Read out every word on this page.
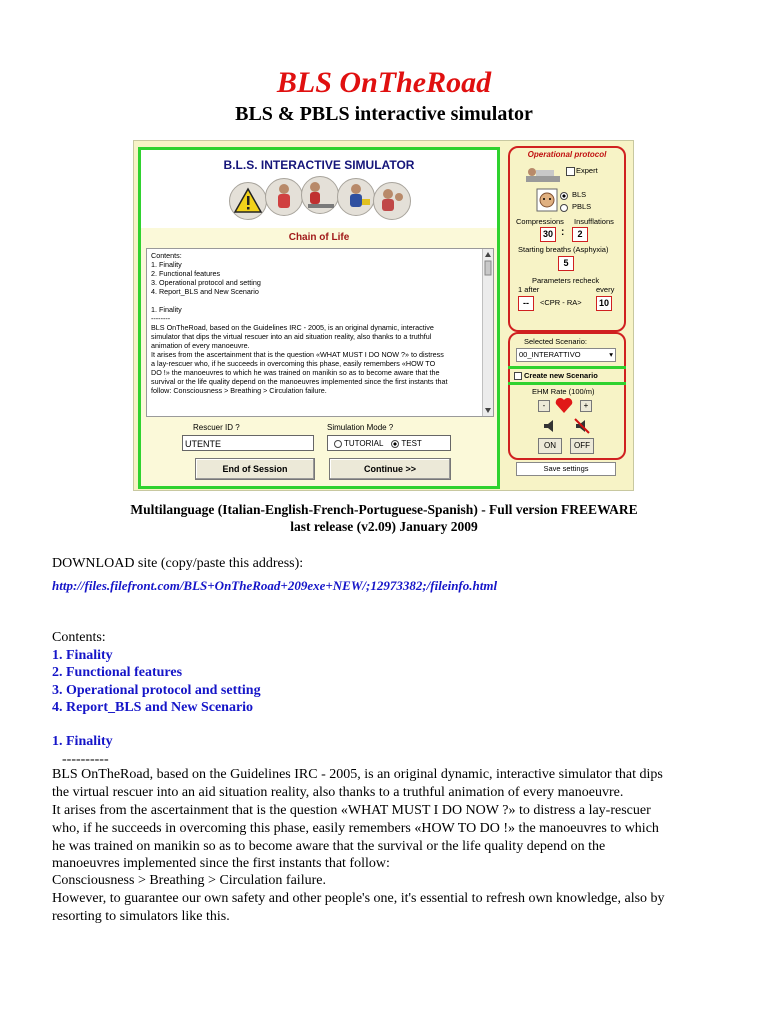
BLS OnTheRoad
BLS & PBLS interactive simulator
B.L.S. INTERACTIVE SIMULATOR
Chain of Life
Contents:
1. Finality
2. Functional features
3. Operational protocol and setting
4. Report_BLS and New Scenario

1. Finality
--------
BLS OnTheRoad, based on the Guidelines IRC - 2005, is an original dynamic, interactive
simulator that dips the virtual rescuer into an aid situation reality, also thanks to a truthful
animation of every manoeuvre.
It arises from the ascertainment that is the question «WHAT MUST I DO NOW ?» to distress
a lay-rescuer who, if he succeeds in overcoming this phase, easily remembers «HOW TO
DO !» the manoeuvres to which he was trained on manikin so as to become aware that the
survival or the life quality depend on the manoeuvres implemented since the first instants that
follow: Consciousness > Breathing > Circulation failure.
Rescuer ID ?
UTENTE
Simulation Mode ?
TUTORIAL TEST
End of Session	Continue >>
Operational protocol
Expert
BLS
PBLS
Compressions Insufflations
30 :	2
Starting breaths (Asphyxia)
5
Parameters recheck
1 after	every
--	<CPR - RA>	10
Selected Scenario:
00_INTERATTIVO	▾
Create new Scenario
EHM Rate (100/m)
-	+
ON	OFF
Save settings
Multilanguage (Italian-English-French-Portuguese-Spanish) - Full version FREEWARE
last release (v2.09) January 2009
DOWNLOAD site (copy/paste this address):
http://files.filefront.com/BLS+OnTheRoad+209exe+NEW/;12973382;/fileinfo.html
Contents:
1. Finality
2. Functional features
3. Operational protocol and setting
4. Report_BLS and New Scenario
1. Finality
----------
BLS OnTheRoad, based on the Guidelines IRC - 2005, is an original dynamic, interactive simulator that dips
the virtual rescuer into an aid situation reality, also thanks to a truthful animation of every manoeuvre.
It arises from the ascertainment that is the question «WHAT MUST I DO NOW ?» to distress a lay-rescuer
who, if he succeeds in overcoming this phase, easily remembers «HOW TO DO !» the manoeuvres to which
he was trained on manikin so as to become aware that the survival or the life quality depend on the
manoeuvres implemented since the first instants that follow:
Consciousness > Breathing > Circulation failure.
However, to guarantee our own safety and other people's one, it's essential to refresh own knowledge, also by
resorting to simulators like this.
